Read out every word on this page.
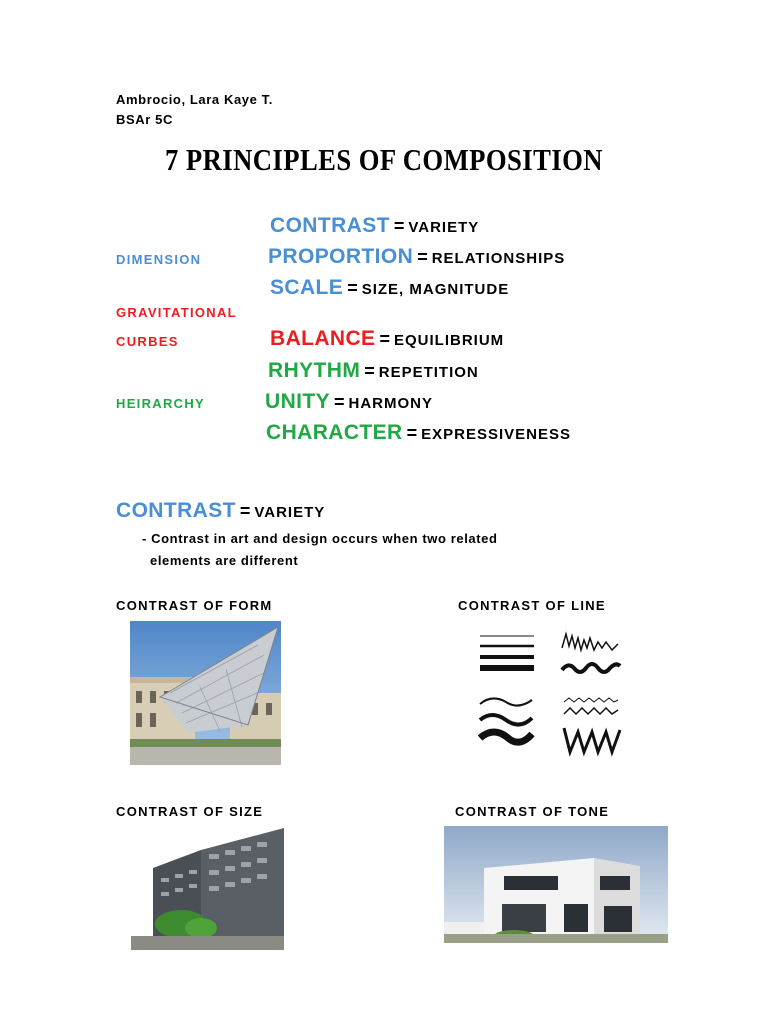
Ambrocio, Lara Kaye T.
BSAr 5C
7 PRINCIPLES OF COMPOSITION
DIMENSION
GRAVITATIONAL
CURBES
HEIRARCHY
CONTRAST = VARIETY
PROPORTION = RELATIONSHIPS
SCALE = SIZE, MAGNITUDE
BALANCE = EQUILIBRIUM
RHYTHM = REPETITION
UNITY = HARMONY
CHARACTER = EXPRESSIVENESS
CONTRAST = VARIETY
- Contrast in art and design occurs when two related
elements are different
CONTRAST OF FORM	CONTRAST OF LINE
CONTRAST OF SIZE	CONTRAST OF TONE
